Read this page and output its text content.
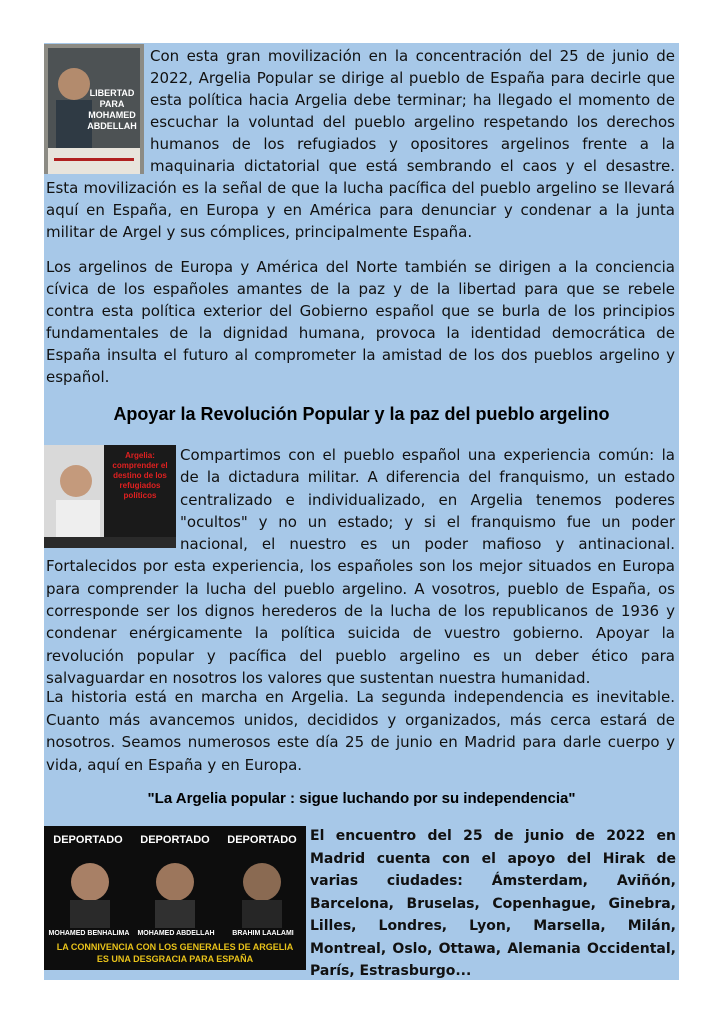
LIBERTAD PARA
MOHAMED
ABDELLAH

Con esta gran movilización en la concentración del 25 de junio de 2022, Argelia Popular se dirige al pueblo de España para decirle que esta política hacia Argelia debe terminar; ha llegado el momento de escuchar la voluntad del pueblo argelino respetando los derechos humanos de los refugiados y opositores argelinos frente a la maquinaria dictatorial que está sembrando el caos y el desastre. Esta movilización es la señal de que la lucha pacífica del pueblo argelino se llevará aquí en España, en Europa y en América para denunciar y condenar a la junta militar de Argel y sus cómplices, principalmente España.

Los argelinos de Europa y América del Norte también se dirigen a la conciencia cívica de los españoles amantes de la paz y de la libertad para que se rebele contra esta política exterior del Gobierno español que se burla de los principios fundamentales de la dignidad humana, provoca la identidad democrática de España insulta el futuro al comprometer la amistad de los dos pueblos argelino y español.

Apoyar la Revolución Popular y la paz del pueblo argelino
Argelia: comprender el destino de los refugiados políticos

Compartimos con el pueblo español una experiencia común: la de la dictadura militar. A diferencia del franquismo, un estado centralizado e individualizado, en Argelia tenemos poderes "ocultos" y no un estado; y si el franquismo fue un poder nacional, el nuestro es un poder mafioso y antinacional. Fortalecidos por esta experiencia, los españoles son los mejor situados en Europa para comprender la lucha del pueblo argelino. A vosotros, pueblo de España, os corresponde ser los dignos herederos de la lucha de los republicanos de 1936 y condenar enérgicamente la política suicida de vuestro gobierno. Apoyar la revolución popular y pacífica del pueblo argelino es un deber ético para salvaguardar en nosotros los valores que sustentan nuestra humanidad.

La historia está en marcha en Argelia. La segunda independencia es inevitable. Cuanto más avancemos unidos, decididos y organizados, más cerca estará de nosotros. Seamos numerosos este día 25 de junio en Madrid para darle cuerpo y vida, aquí en España y en Europa.

"La Argelia popular : sigue luchando por su independencia"
DEPORTADO	DEPORTADO	DEPORTADO
MOHAMED BENHALIMA	MOHAMED ABDELLAH	BRAHIM LAALAMI
LA CONNIVENCIA CON LOS GENERALES DE ARGELIA
ES UNA DESGRACIA PARA ESPAÑA

El encuentro del 25 de junio de 2022 en Madrid cuenta con el apoyo del Hirak de varias ciudades: Ámsterdam, Aviñón, Barcelona, Bruselas, Copenhague, Ginebra, Lilles, Londres, Lyon, Marsella, Milán, Montreal, Oslo, Ottawa, Alemania Occidental, París, Estrasburgo...
